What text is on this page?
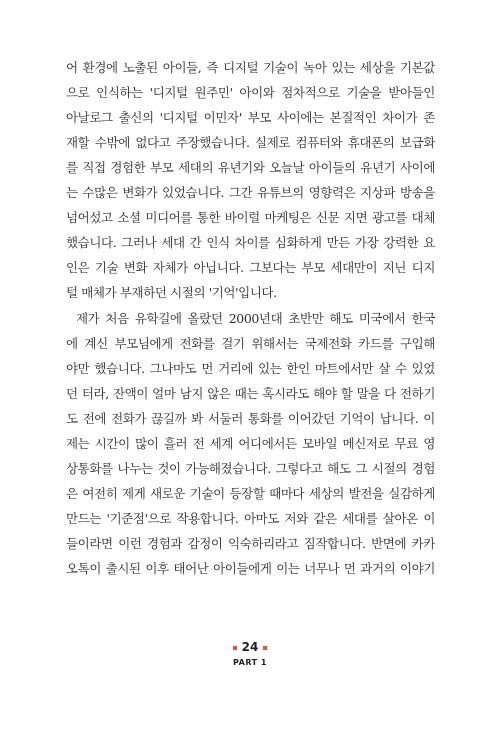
어 환경에 노출된 아이들, 즉 디지털 기술이 녹아 있는 세상을 기본값
으로 인식하는 '디지털 원주민' 아이와 점차적으로 기술을 받아들인
아날로그 출신의 '디지털 이민자' 부모 사이에는 본질적인 차이가 존
재할 수밖에 없다고 주장했습니다. 실제로 컴퓨터와 휴대폰의 보급화
를 직접 경험한 부모 세대의 유년기와 오늘날 아이들의 유년기 사이에
는 수많은 변화가 있었습니다. 그간 유튜브의 영향력은 지상파 방송을
넘어섰고 소셜 미디어를 통한 바이럴 마케팅은 신문 지면 광고를 대체
했습니다. 그러나 세대 간 인식 차이를 심화하게 만든 가장 강력한 요
인은 기술 변화 자체가 아닙니다. 그보다는 부모 세대만이 지닌 디지
털 매체가 부재하던 시절의 '기억'입니다.
제가 처음 유학길에 올랐던 2000년대 초반만 해도 미국에서 한국
에 계신 부모님에게 전화를 걸기 위해서는 국제전화 카드를 구입해
야만 했습니다. 그나마도 먼 거리에 있는 한인 마트에서만 살 수 있었
던 터라, 잔액이 얼마 남지 않은 때는 혹시라도 해야 할 말을 다 전하기
도 전에 전화가 끊길까 봐 서둘러 통화를 이어갔던 기억이 납니다. 이
제는 시간이 많이 흘러 전 세계 어디에서든 모바일 메신저로 무료 영
상통화를 나누는 것이 가능해졌습니다. 그렇다고 해도 그 시절의 경험
은 여전히 제게 새로운 기술이 등장할 때마다 세상의 발전을 실감하게
만드는 '기준점'으로 작용합니다. 아마도 저와 같은 세대를 살아온 이
들이라면 이런 경험과 감정이 익숙하리라고 짐작합니다. 반면에 카카
오톡이 출시된 이후 태어난 아이들에게 이는 너무나 먼 과거의 이야기
24
PART 1
